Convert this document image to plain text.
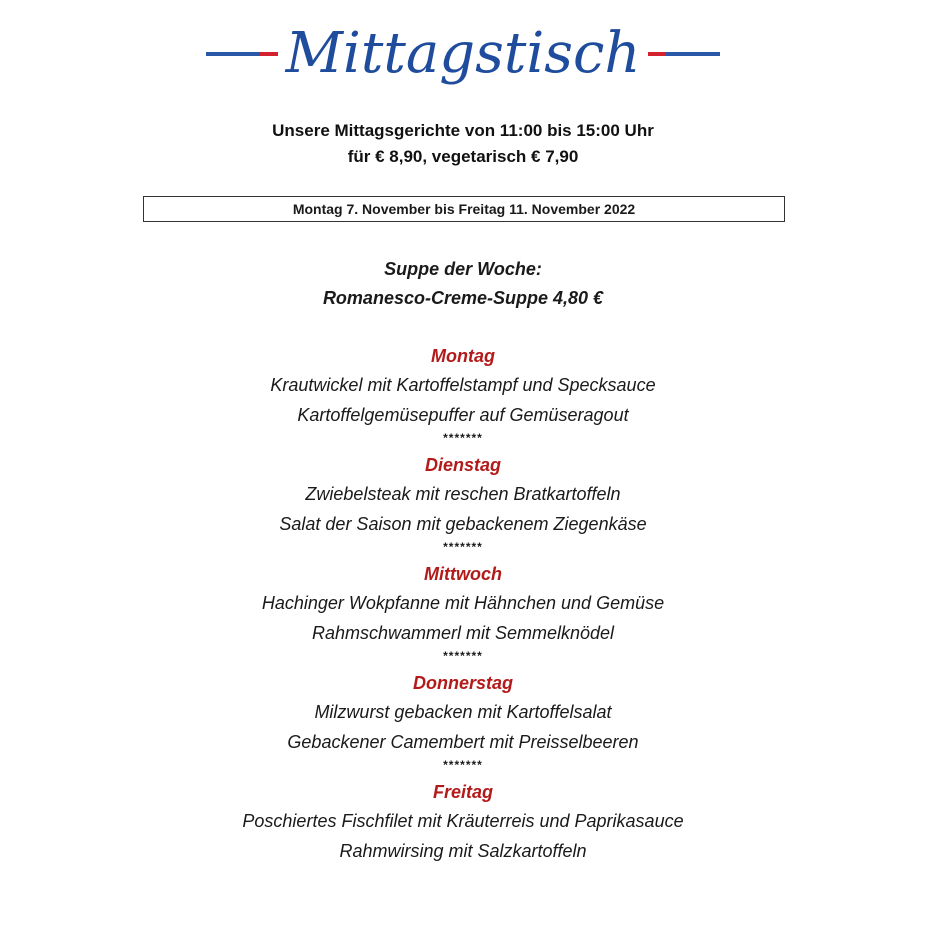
Mittagstisch
Unsere Mittagsgerichte von 11:00 bis 15:00 Uhr
für € 8,90, vegetarisch € 7,90
Montag 7. November bis Freitag 11. November 2022
Suppe der Woche:
Romanesco-Creme-Suppe 4,80 €
Montag
Krautwickel mit Kartoffelstampf und Specksauce
Kartoffelgemüsepuffer auf Gemüseragout
*******
Dienstag
Zwiebelsteak mit reschen Bratkartoffeln
Salat der Saison mit gebackenem Ziegenkäse
*******
Mittwoch
Hachinger Wokpfanne mit Hähnchen und Gemüse
Rahmschwammerl mit Semmelknödel
*******
Donnerstag
Milzwurst gebacken mit Kartoffelsalat
Gebackener Camembert mit Preisselbeeren
*******
Freitag
Poschiertes Fischfilet mit Kräuterreis und Paprikasauce
Rahmwirsing mit Salzkartoffeln
